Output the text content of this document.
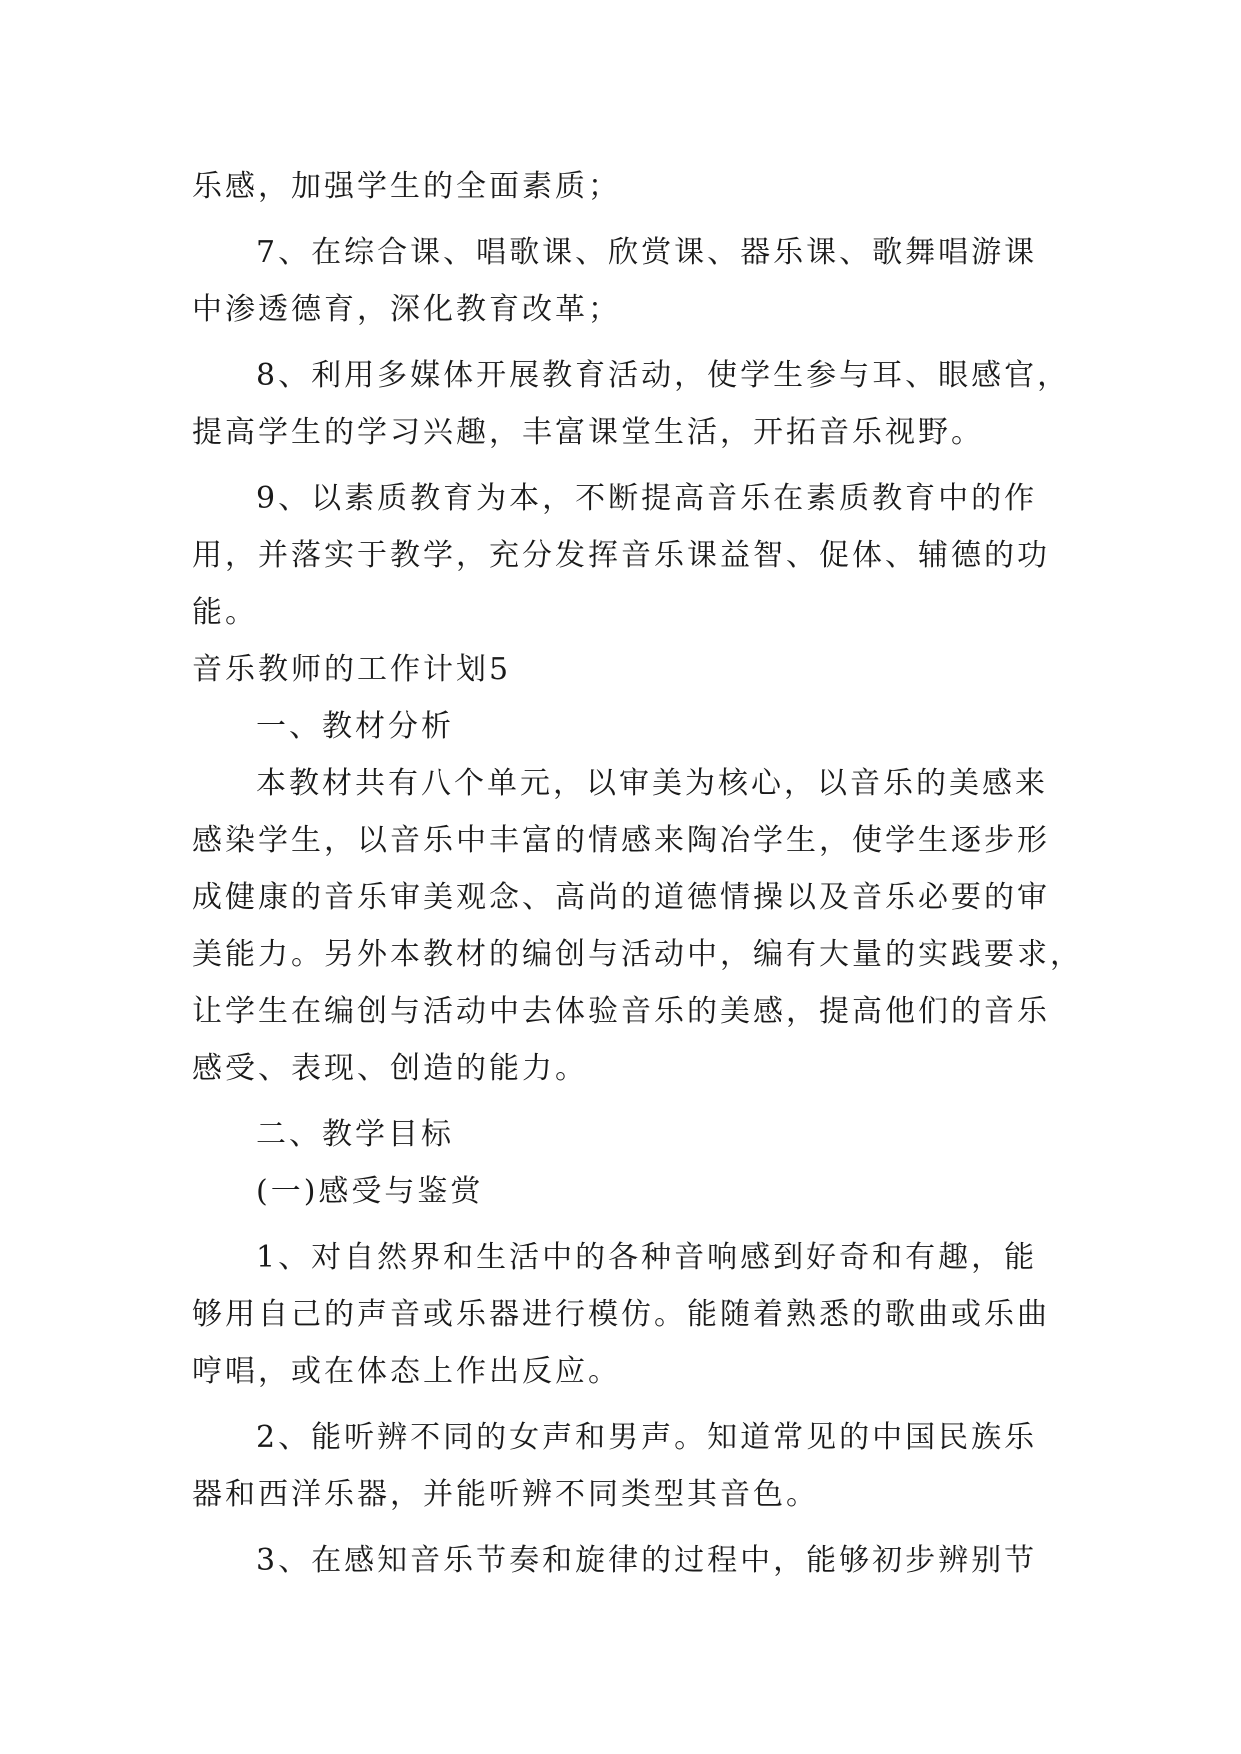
乐感，加强学生的全面素质；
7、在综合课、唱歌课、欣赏课、器乐课、歌舞唱游课
中渗透德育，深化教育改革；
8、利用多媒体开展教育活动，使学生参与耳、眼感官，
提高学生的学习兴趣，丰富课堂生活，开拓音乐视野。
9、以素质教育为本，不断提高音乐在素质教育中的作
用，并落实于教学，充分发挥音乐课益智、促体、辅德的功
能。
音乐教师的工作计划5
一、教材分析
本教材共有八个单元，以审美为核心，以音乐的美感来
感染学生，以音乐中丰富的情感来陶冶学生，使学生逐步形
成健康的音乐审美观念、高尚的道德情操以及音乐必要的审
美能力。另外本教材的编创与活动中，编有大量的实践要求，
让学生在编创与活动中去体验音乐的美感，提高他们的音乐
感受、表现、创造的能力。
二、教学目标
(一)感受与鉴赏
1、对自然界和生活中的各种音响感到好奇和有趣，能
够用自己的声音或乐器进行模仿。能随着熟悉的歌曲或乐曲
哼唱，或在体态上作出反应。
2、能听辨不同的女声和男声。知道常见的中国民族乐
器和西洋乐器，并能听辨不同类型其音色。
3、在感知音乐节奏和旋律的过程中，能够初步辨别节
